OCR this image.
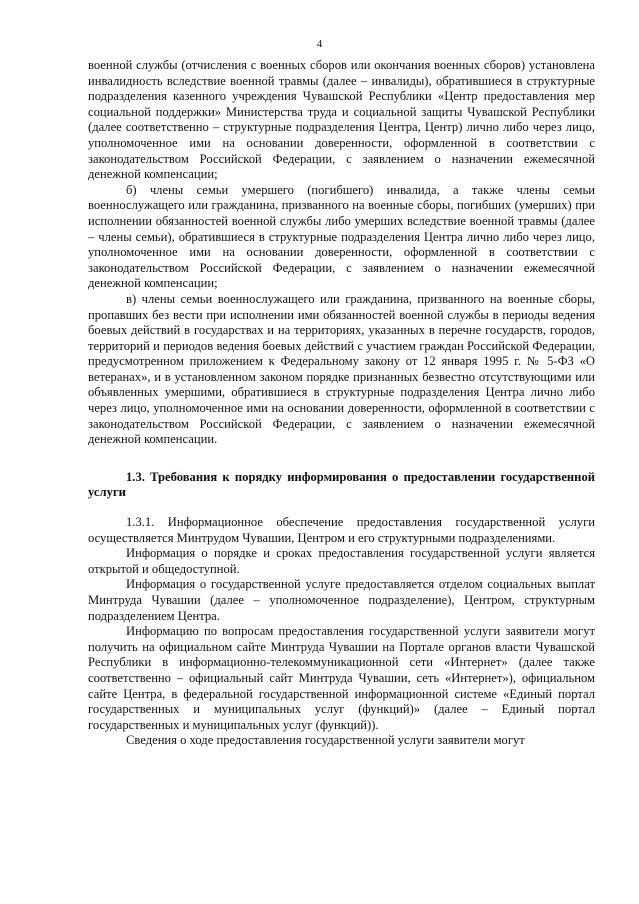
4

военной службы (отчисления с военных сборов или окончания военных сборов) установлена инвалидность вследствие военной травмы (далее – инвалиды), обратившиеся в структурные подразделения казенного учреждения Чувашской Республики «Центр предоставления мер социальной поддержки» Министерства труда и социальной защиты Чувашской Республики (далее соответственно – структурные подразделения Центра, Центр) лично либо через лицо, уполномоченное ими на основании доверенности, оформленной в соответствии с законодательством Российской Федерации, с заявлением о назначении ежемесячной денежной компенсации;

б) члены семьи умершего (погибшего) инвалида, а также члены семьи военнослужащего или гражданина, призванного на военные сборы, погибших (умерших) при исполнении обязанностей военной службы либо умерших вследствие военной травмы (далее – члены семьи), обратившиеся в структурные подразделения Центра лично либо через лицо, уполномоченное ими на основании доверенности, оформленной в соответствии с законодательством Российской Федерации, с заявлением о назначении ежемесячной денежной компенсации;

в) члены семьи военнослужащего или гражданина, призванного на военные сборы, пропавших без вести при исполнении ими обязанностей военной службы в периоды ведения боевых действий в государствах и на территориях, указанных в перечне государств, городов, территорий и периодов ведения боевых действий с участием граждан Российской Федерации, предусмотренном приложением к Федеральному закону от 12 января 1995 г. № 5-ФЗ «О ветеранах», и в установленном законом порядке признанных безвестно отсутствующими или объявленных умершими, обратившиеся в структурные подразделения Центра лично либо через лицо, уполномоченное ими на основании доверенности, оформленной в соответствии с законодательством Российской Федерации, с заявлением о назначении ежемесячной денежной компенсации.

1.3. Требования к порядку информирования о предоставлении государственной услуги

1.3.1. Информационное обеспечение предоставления государственной услуги осуществляется Минтрудом Чувашии, Центром и его структурными подразделениями.

Информация о порядке и сроках предоставления государственной услуги является открытой и общедоступной.

Информация о государственной услуге предоставляется отделом социальных выплат Минтруда Чувашии (далее – уполномоченное подразделение), Центром, структурным подразделением Центра.

Информацию по вопросам предоставления государственной услуги заявители могут получить на официальном сайте Минтруда Чувашии на Портале органов власти Чувашской Республики в информационно-телекоммуникационной сети «Интернет» (далее также соответственно – официальный сайт Минтруда Чувашии, сеть «Интернет»), официальном сайте Центра, в федеральной государственной информационной системе «Единый портал государственных и муниципальных услуг (функций)» (далее – Единый портал государственных и муниципальных услуг (функций)).

Сведения о ходе предоставления государственной услуги заявители могут
